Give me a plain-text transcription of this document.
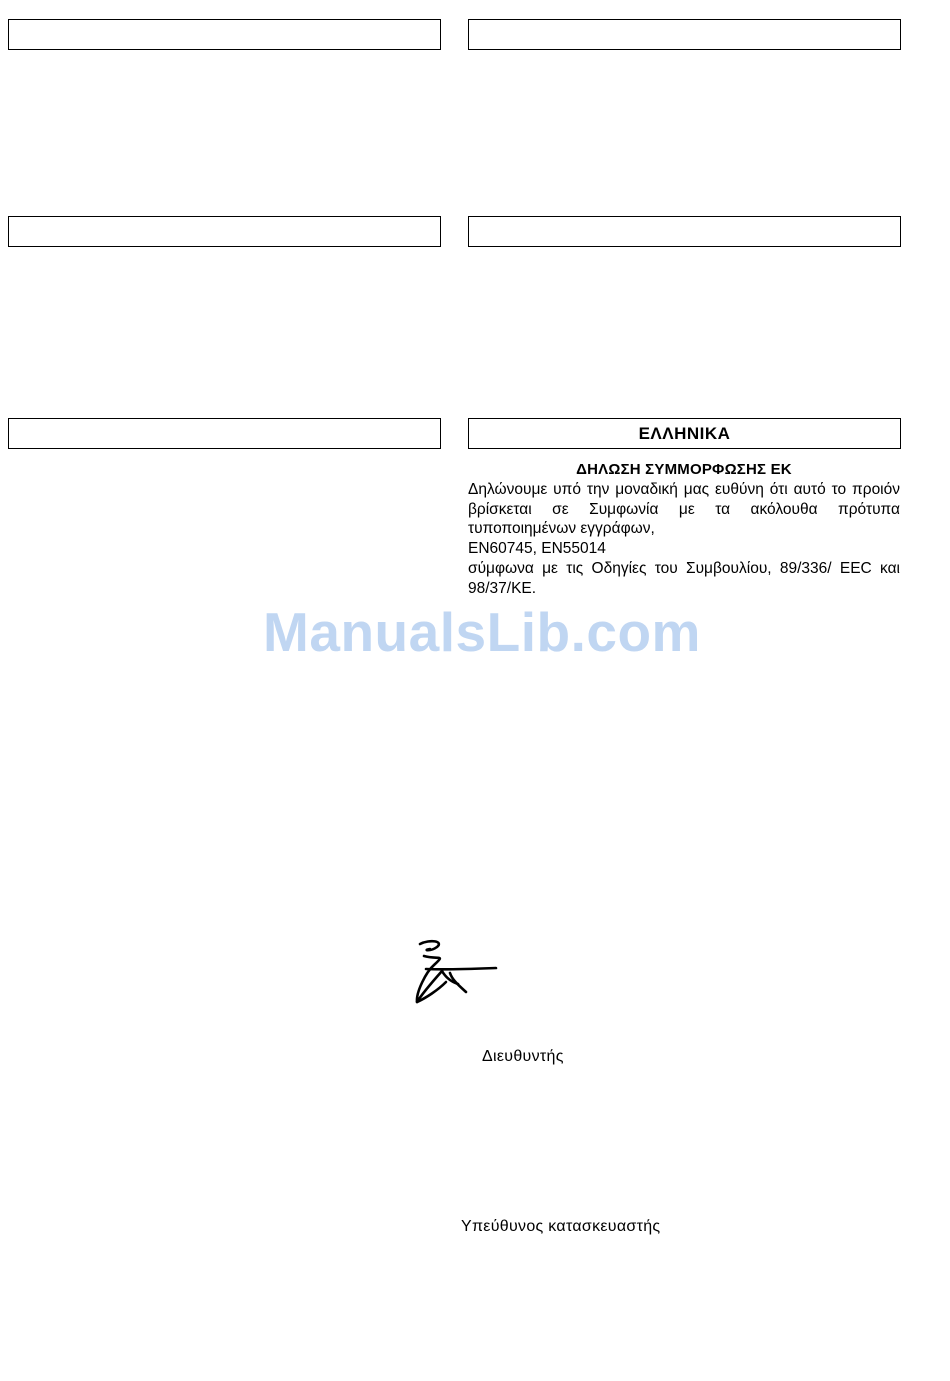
ΕΛΛΗΝΙΚΑ
ΔΗΛΩΣΗ ΣΥΜΜΟΡΦΩΣΗΣ ΕΚ
Δηλώνουμε υπό την μοναδική μας ευθύνη ότι αυτό το προιόν βρίσκεται σε Συμφωνία με τα ακόλουθα πρότυπα τυποποιημένων εγγράφων,
EN60745, EN55014
σύμφωνα με τις Οδηγίες του Συμβουλίου, 89/336/ EEC και 98/37/ΚΕ.
ManualsLib.com
Διευθυντής
Υπεύθυνος κατασκευαστής
